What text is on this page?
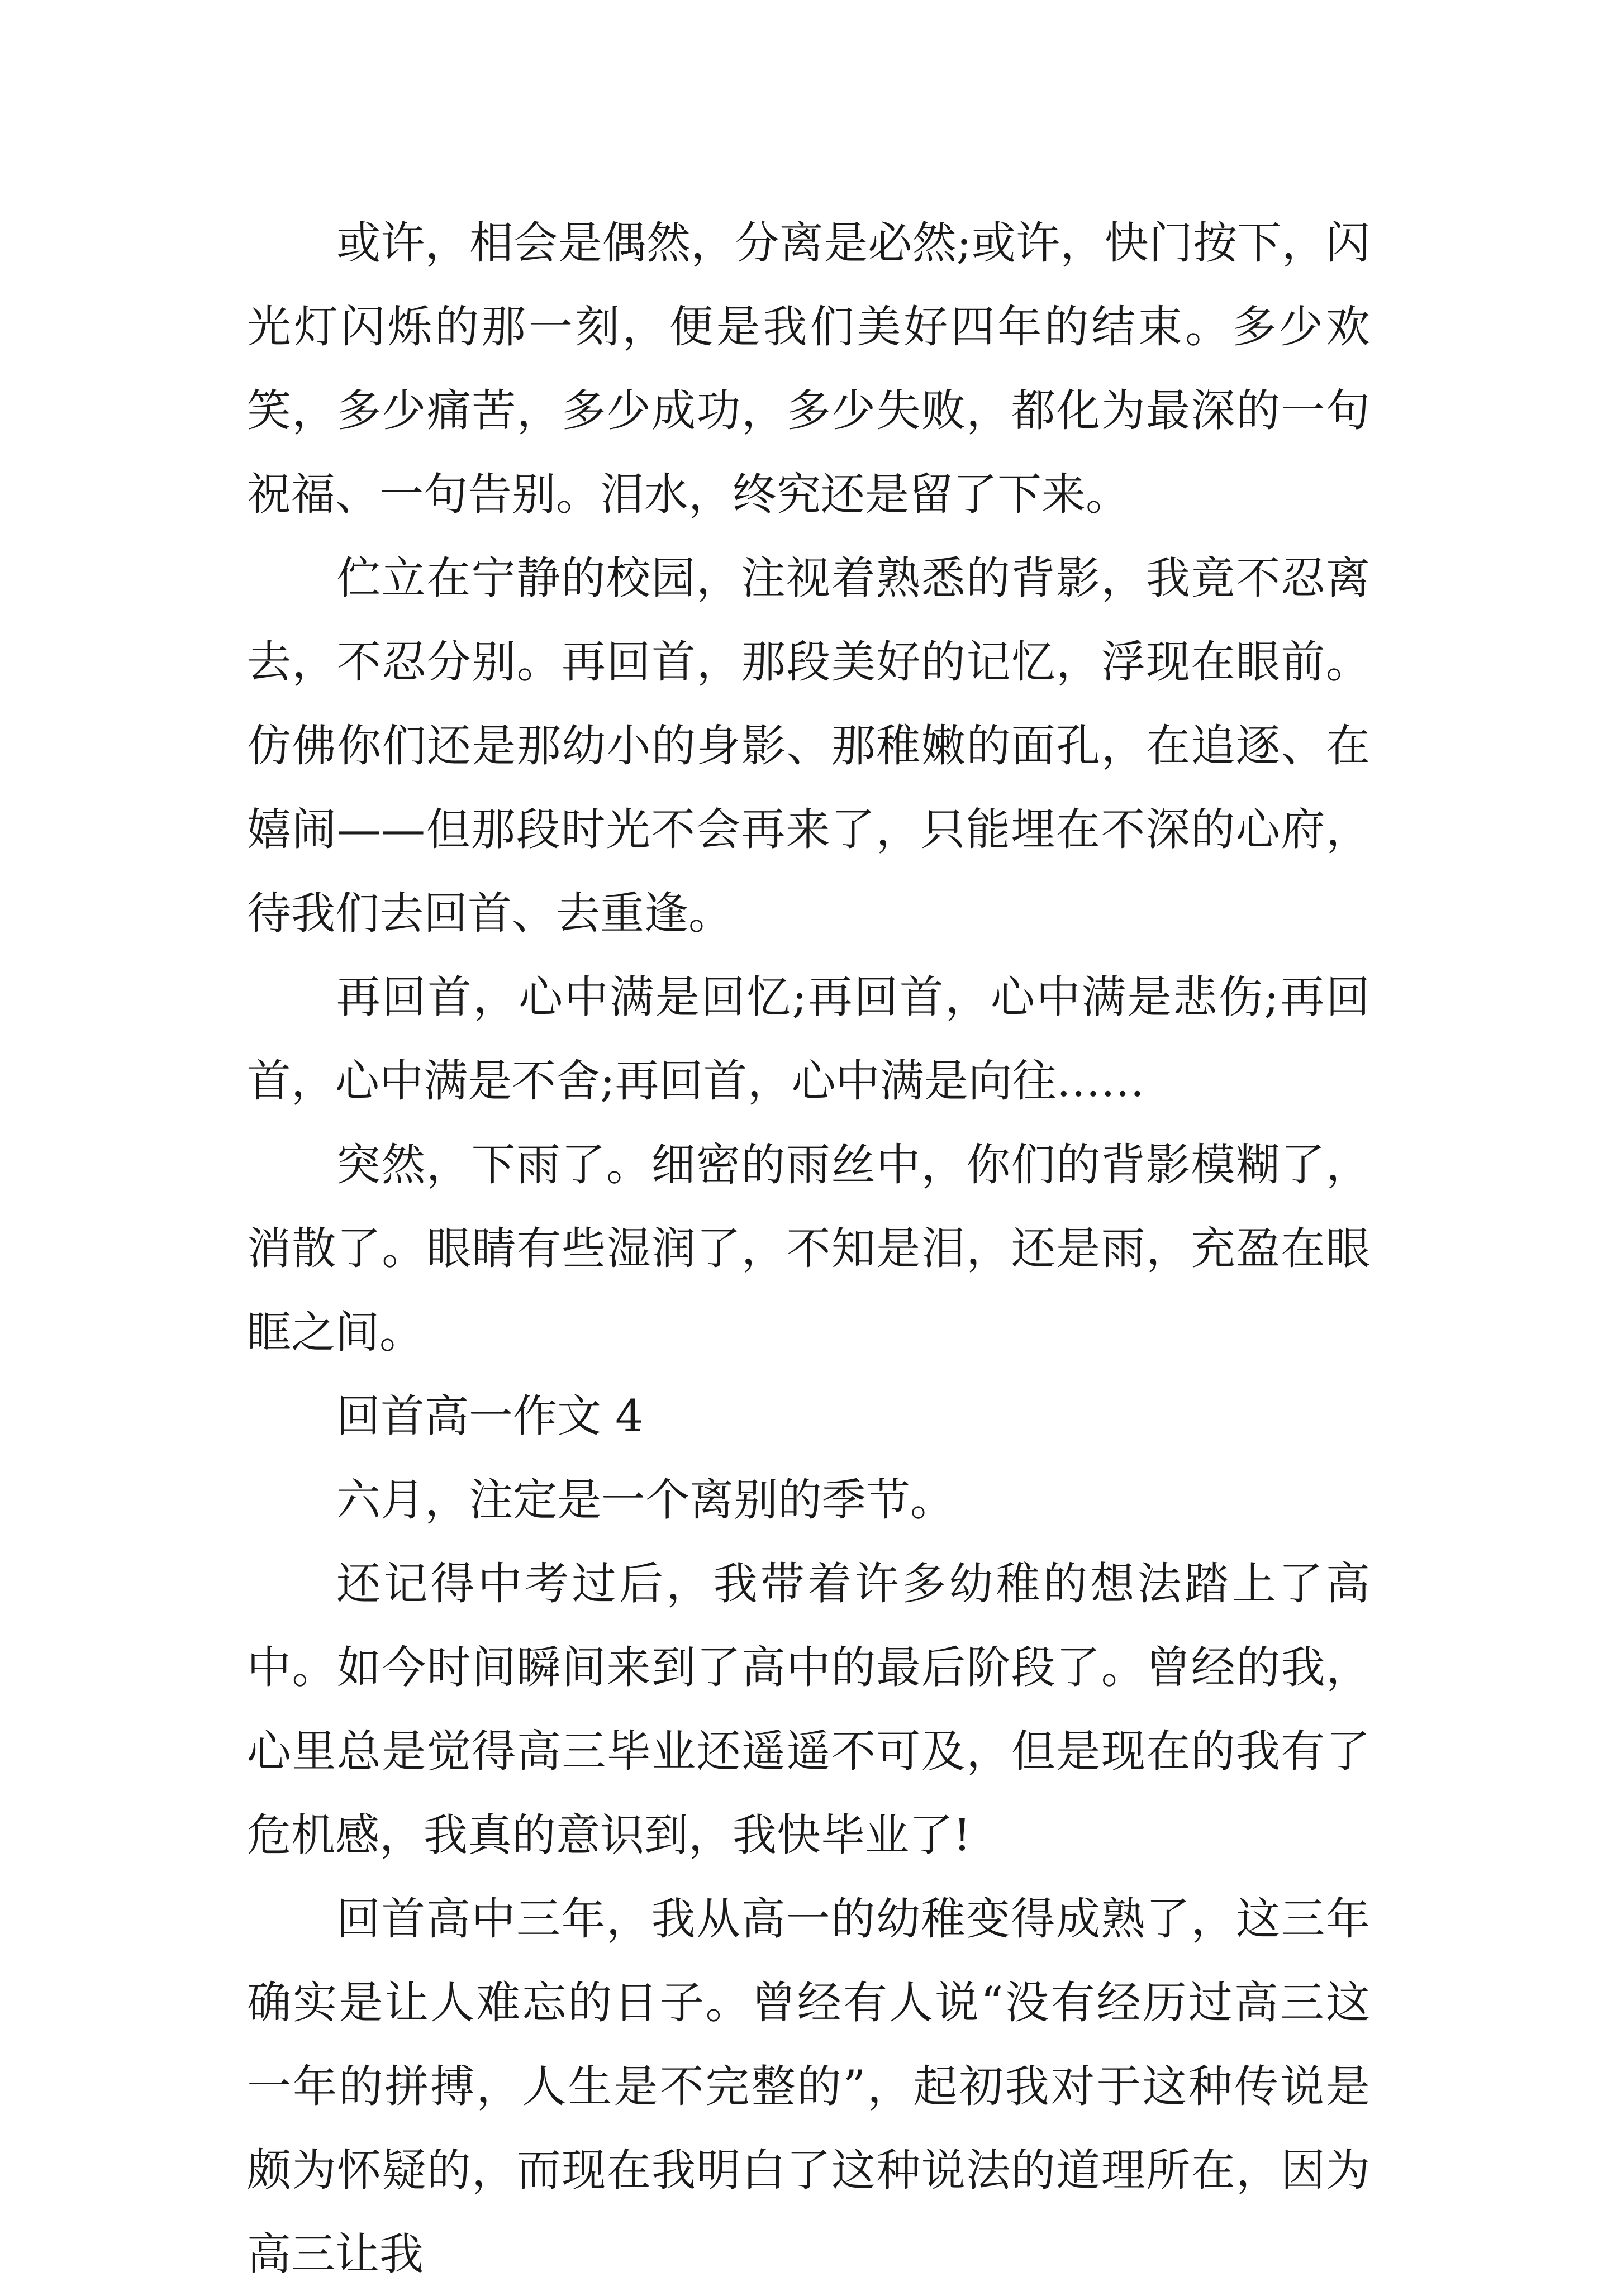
或许，相会是偶然，分离是必然;或许，快门按下，闪光灯闪烁的那一刻，便是我们美好四年的结束。多少欢笑，多少痛苦，多少成功，多少失败，都化为最深的一句祝福、一句告别。泪水，终究还是留了下来。

伫立在宁静的校园，注视着熟悉的背影，我竟不忍离去，不忍分别。再回首，那段美好的记忆，浮现在眼前。仿佛你们还是那幼小的身影、那稚嫩的面孔，在追逐、在嬉闹——但那段时光不会再来了，只能埋在不深的心府，待我们去回首、去重逢。

再回首，心中满是回忆;再回首，心中满是悲伤;再回首，心中满是不舍;再回首，心中满是向往……

突然，下雨了。细密的雨丝中，你们的背影模糊了，消散了。眼睛有些湿润了，不知是泪，还是雨，充盈在眼眶之间。

回首高一作文 4

六月，注定是一个离别的季节。

还记得中考过后，我带着许多幼稚的想法踏上了高中。如今时间瞬间来到了高中的最后阶段了。曾经的我，心里总是觉得高三毕业还遥遥不可及，但是现在的我有了危机感，我真的意识到，我快毕业了!

回首高中三年，我从高一的幼稚变得成熟了，这三年确实是让人难忘的日子。曾经有人说“没有经历过高三这一年的拼搏，人生是不完整的”，起初我对于这种传说是颇为怀疑的，而现在我明白了这种说法的道理所在，因为高三让我
